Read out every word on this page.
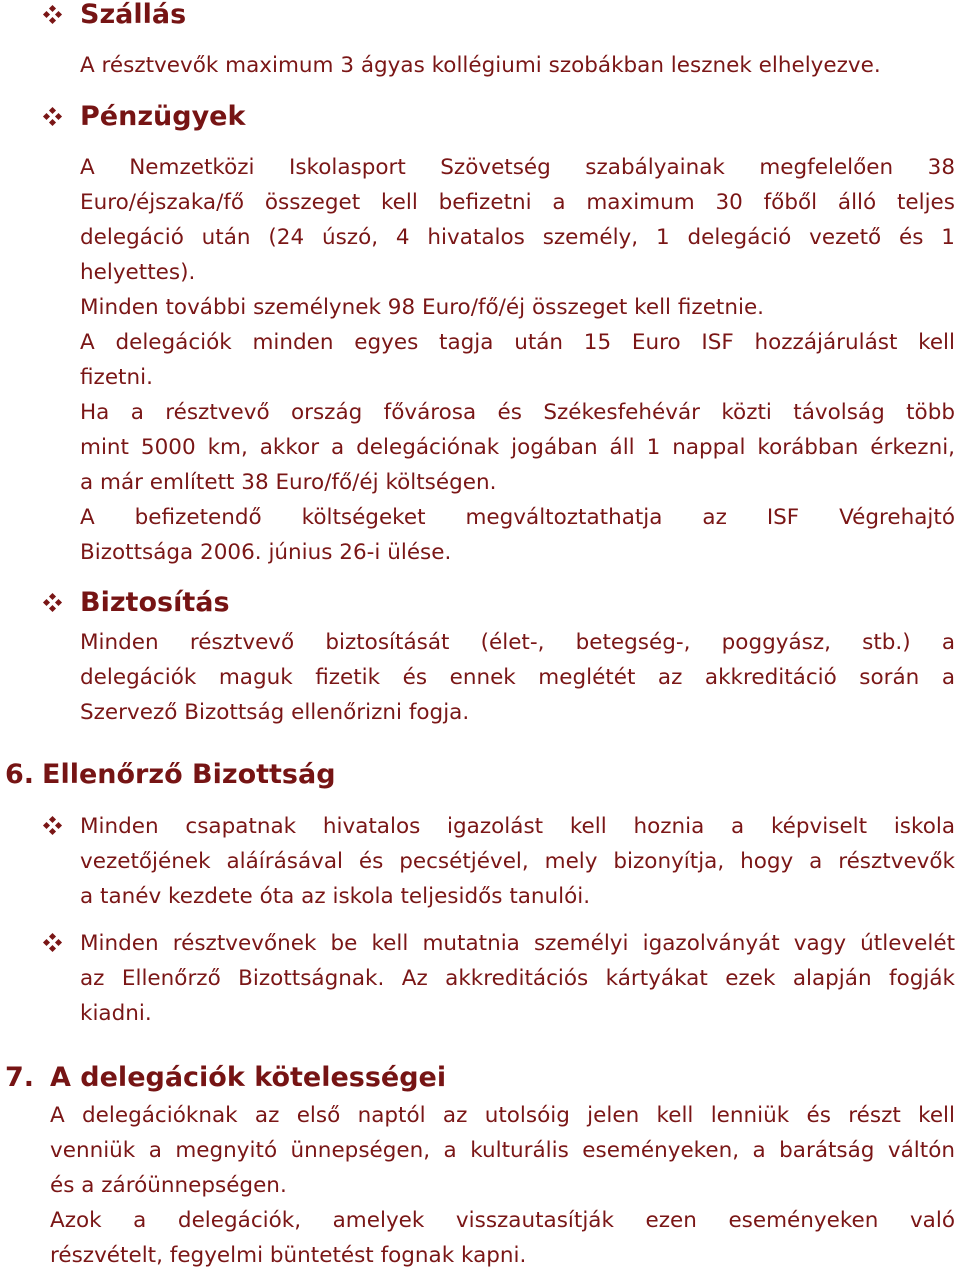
Szállás
A résztvevők maximum 3 ágyas kollégiumi szobákban lesznek elhelyezve.
Pénzügyek
A Nemzetközi Iskolasport Szövetség szabályainak megfelelően 38
Euro/éjszaka/fő összeget kell befizetni a maximum 30 főből álló teljes
delegáció után (24 úszó, 4 hivatalos személy, 1 delegáció vezető és 1
helyettes).
Minden további személynek 98 Euro/fő/éj összeget kell fizetnie.
A delegációk minden egyes tagja után 15 Euro ISF hozzájárulást kell
fizetni.
Ha a résztvevő ország fővárosa és Székesfehévár közti távolság több
mint 5000 km, akkor a delegációnak jogában áll 1 nappal korábban érkezni,
a már említett 38 Euro/fő/éj költségen.
A befizetendő költségeket megváltoztathatja az ISF Végrehajtó
Bizottsága 2006. június 26-i ülése.
Biztosítás
Minden résztvevő biztosítását (élet-, betegség-, poggyász, stb.) a
delegációk maguk fizetik és ennek meglétét az akkreditáció során a
Szervező Bizottság ellenőrizni fogja.
6. Ellenőrző Bizottság
Minden csapatnak hivatalos igazolást kell hoznia a képviselt iskola
vezetőjének aláírásával és pecsétjével, mely bizonyítja, hogy a résztvevők
a tanév kezdete óta az iskola teljesidős tanulói.
Minden résztvevőnek be kell mutatnia személyi igazolványát vagy útlevelét
az Ellenőrző Bizottságnak. Az akkreditációs kártyákat ezek alapján fogják
kiadni.
7. A delegációk kötelességei
A delegációknak az első naptól az utolsóig jelen kell lenniük és részt kell
venniük a megnyitó ünnepségen, a kulturális eseményeken, a barátság váltón
és a záróünnepségen.
Azok a delegációk, amelyek visszautasítják ezen eseményeken való
részvételt, fegyelmi büntetést fognak kapni.
